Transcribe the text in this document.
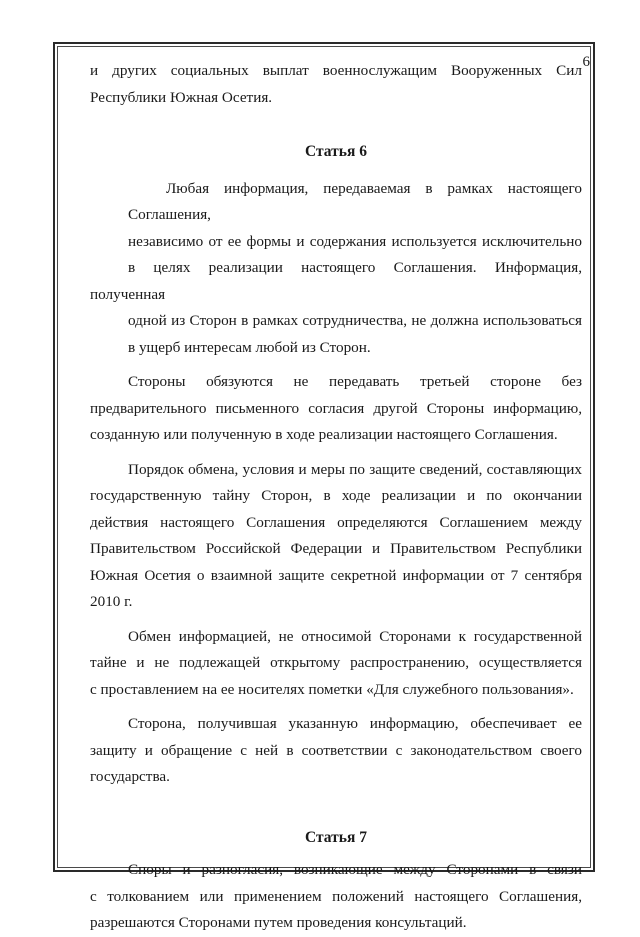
6

и других социальных выплат военнослужащим Вооруженных Сил
Республики Южная Осетия.

Статья 6

Любая информация, передаваемая в рамках настоящего Соглашения,
независимо от ее формы и содержания используется исключительно
в целях реализации настоящего Соглашения. Информация, полученная
одной из Сторон в рамках сотрудничества, не должна использоваться
в ущерб интересам любой из Сторон.

Стороны обязуются не передавать третьей стороне без
предварительного письменного согласия другой Стороны информацию,
созданную или полученную в ходе реализации настоящего Соглашения.

Порядок обмена, условия и меры по защите сведений, составляющих
государственную тайну Сторон, в ходе реализации и по окончании
действия настоящего Соглашения определяются Соглашением между
Правительством Российской Федерации и Правительством Республики
Южная Осетия о взаимной защите секретной информации от 7 сентября
2010 г.

Обмен информацией, не относимой Сторонами к государственной
тайне и не подлежащей открытому распространению, осуществляется
с проставлением на ее носителях пометки «Для служебного пользования».

Сторона, получившая указанную информацию, обеспечивает ее
защиту и обращение с ней в соответствии с законодательством своего
государства.

Статья 7

Споры и разногласия, возникающие между Сторонами в связи
с толкованием или применением положений настоящего Соглашения,
разрешаются Сторонами путем проведения консультаций.
